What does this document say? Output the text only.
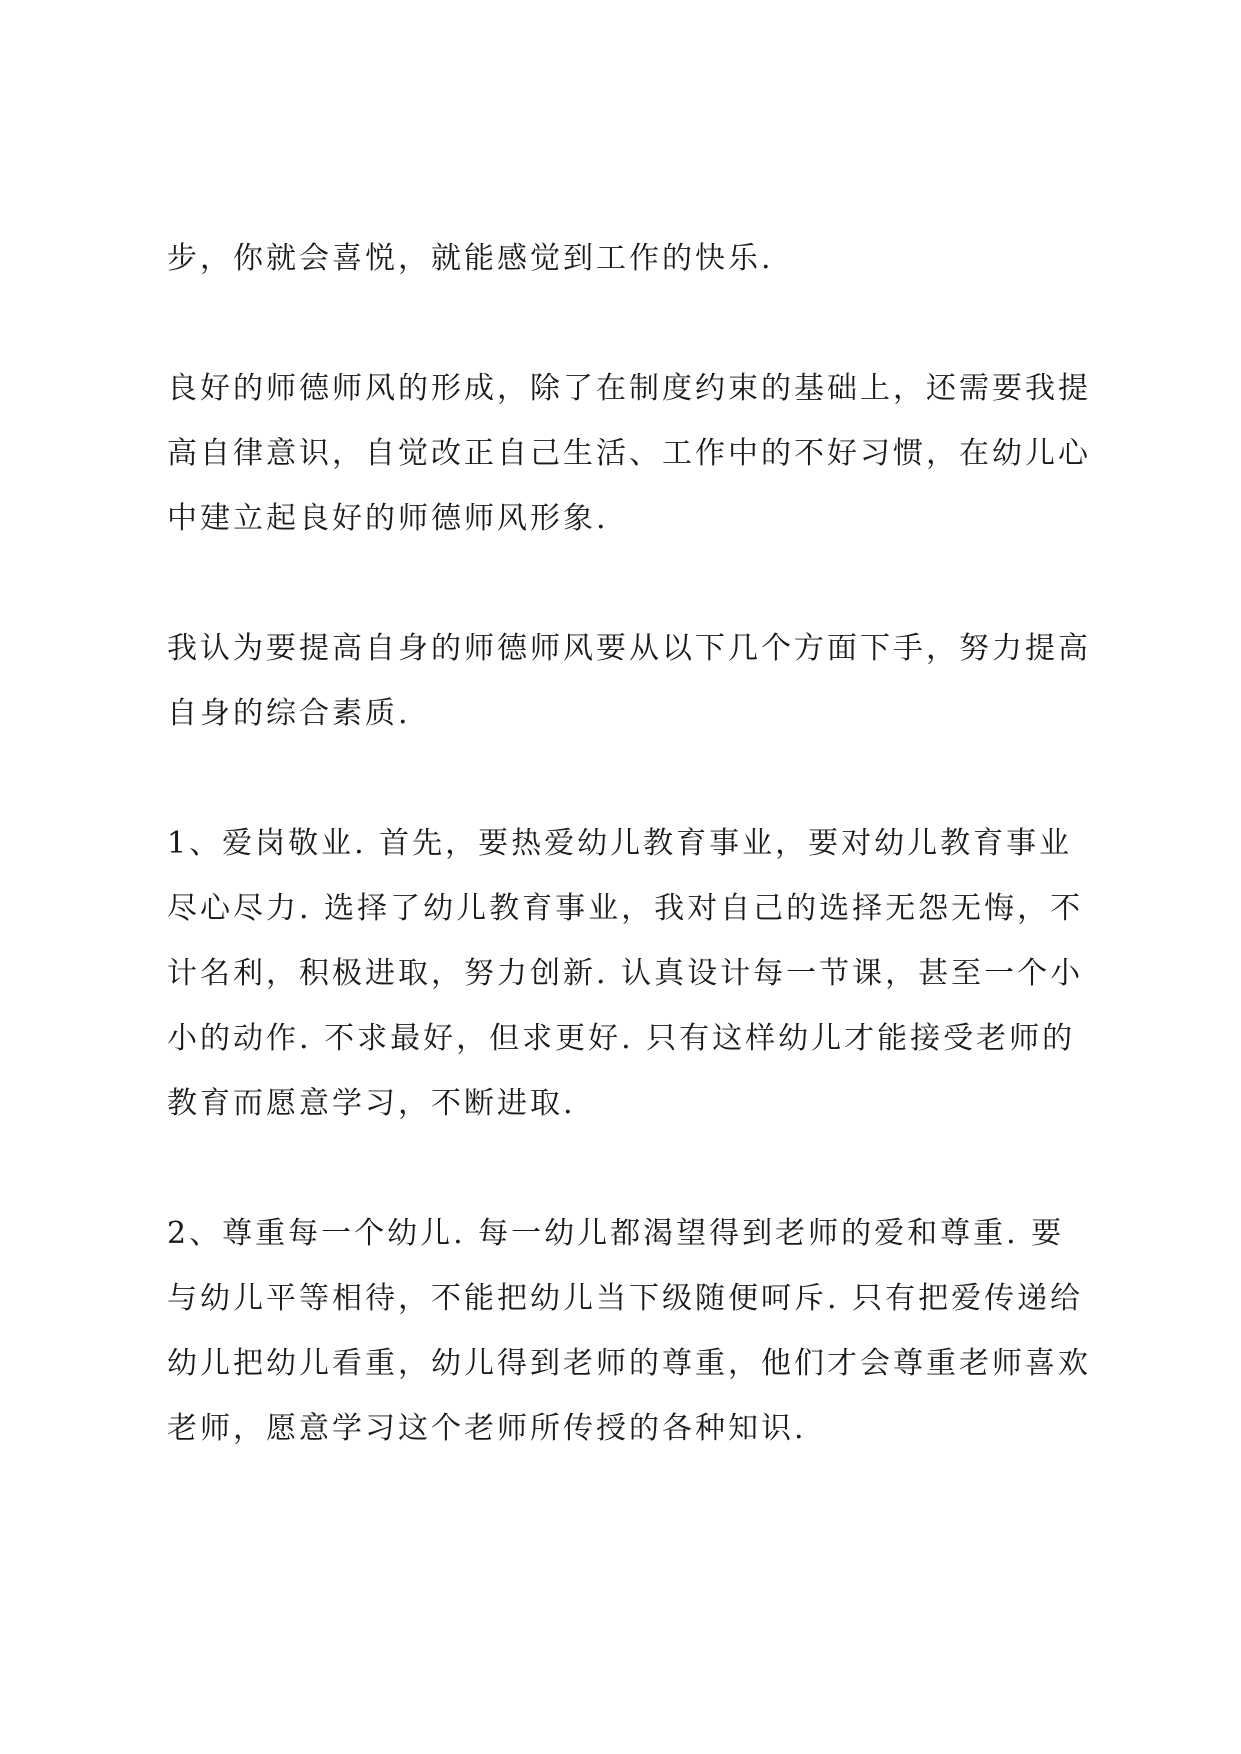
步，你就会喜悦，就能感觉到工作的快乐.
良好的师德师风的形成，除了在制度约束的基础上，还需要我提
高自律意识，自觉改正自己生活、工作中的不好习惯，在幼儿心
中建立起良好的师德师风形象.
我认为要提高自身的师德师风要从以下几个方面下手，努力提高
自身的综合素质.
1、爱岗敬业. 首先，要热爱幼儿教育事业，要对幼儿教育事业
尽心尽力. 选择了幼儿教育事业，我对自己的选择无怨无悔，不
计名利，积极进取，努力创新. 认真设计每一节课，甚至一个小
小的动作. 不求最好，但求更好. 只有这样幼儿才能接受老师的
教育而愿意学习，不断进取.
2、尊重每一个幼儿. 每一幼儿都渴望得到老师的爱和尊重. 要
与幼儿平等相待，不能把幼儿当下级随便呵斥. 只有把爱传递给
幼儿把幼儿看重，幼儿得到老师的尊重，他们才会尊重老师喜欢
老师，愿意学习这个老师所传授的各种知识.
